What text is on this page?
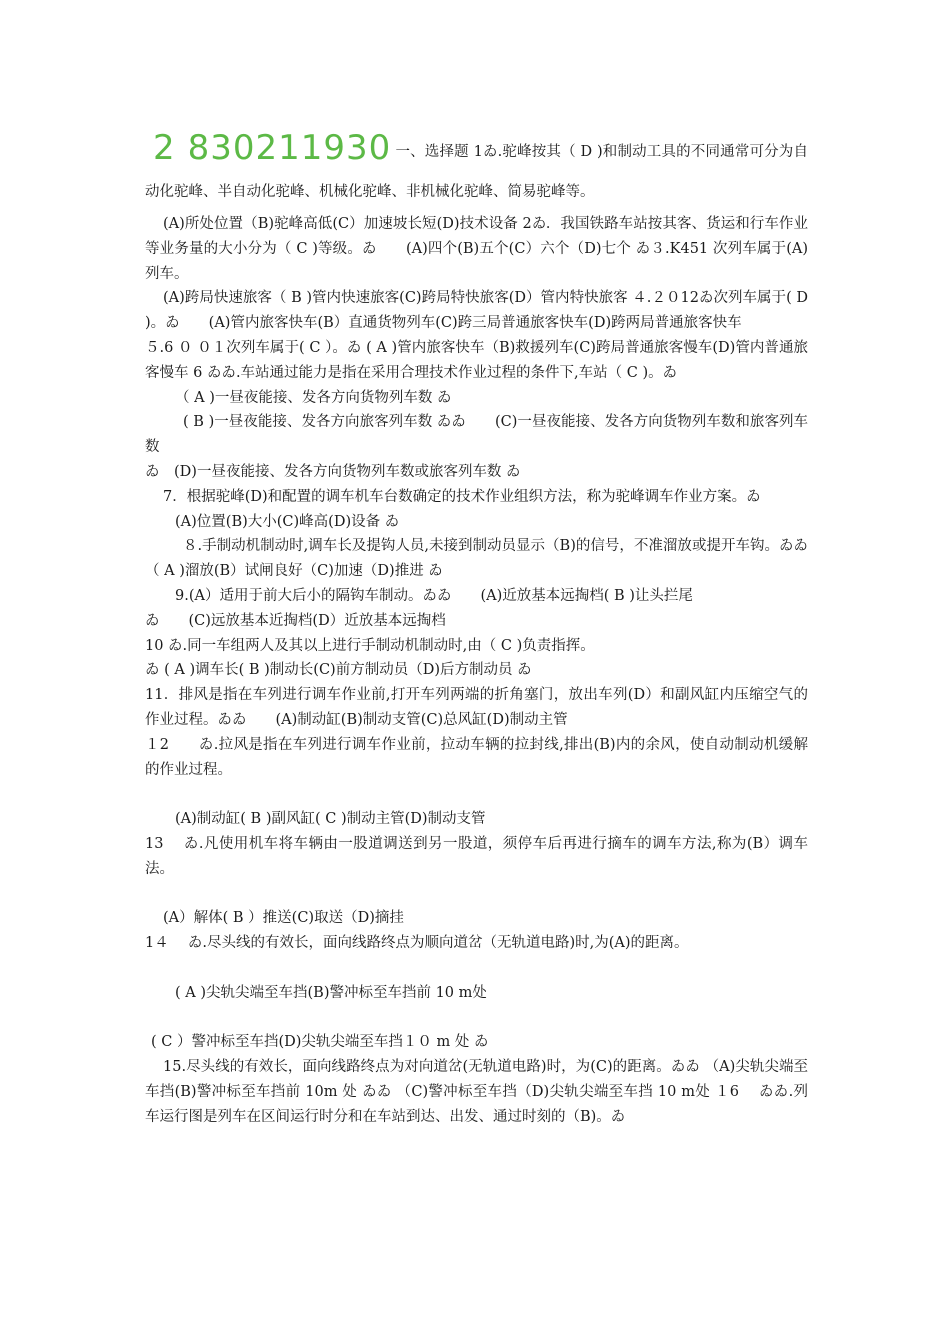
2 830211930 一、选择题 1ゐ.驼峰按其（ D )和制动工具的不同通常可分为自动化驼峰、半自动化驼峰、机械化驼峰、非机械化驼峰、简易驼峰等。

(A)所处位置（B)驼峰高低(C）加速坡长短(D)技术设备 2ゐ．我国铁路车站按其客、货运和行车作业等业务量的大小分为（ C )等级。ゐ　　(A)四个(B)五个(C）六个（D)七个 ゐ３.K451 次列车属于(A)列车。

(A)跨局快速旅客（ B )管内快速旅客(C)跨局特快旅客(D）管内特快旅客 ４.２０12ゐ次列车属于( D )。ゐ　　(A)管内旅客快车(B）直通货物列车(C)跨三局普通旅客快车(D)跨两局普通旅客快车

５.6 ０ ０１次列车属于( C ）。ゐ ( A )管内旅客快车（B)救援列车(C)跨局普通旅客慢车(D)管内普通旅客慢车 6 ゐゐ.车站通过能力是指在采用合理技术作业过程的条件下,车站（ C )。ゐ

（ A )一昼夜能接、发各方向货物列车数 ゐ

( B )一昼夜能接、发各方向旅客列车数 ゐゐ　　(C)一昼夜能接、发各方向货物列车数和旅客列车数

ゐ　(D)一昼夜能接、发各方向货物列车数或旅客列车数 ゐ

7．根据驼峰(D)和配置的调车机车台数确定的技术作业组织方法，称为驼峰调车作业方案。ゐ

(A)位置(B)大小(C)峰高(D)设备 ゐ

８.手制动机制动时,调车长及提钩人员,未接到制动员显示（B)的信号，不准溜放或提开车钩。ゐゐ　（ A )溜放(B）试闸良好（C)加速（D)推进 ゐ

9.(A）适用于前大后小的隔钩车制动。ゐゐ　　(A)近放基本远掏档( B )让头拦尾

ゐ　　(C)远放基本近掏档(D）近放基本远掏档

10 ゐ.同一车组两人及其以上进行手制动机制动时,由（ C )负责指挥。

ゐ ( A )调车长( B )制动长(C)前方制动员（D)后方制动员 ゐ

11．排风是指在车列进行调车作业前,打开车列两端的折角塞门，放出车列(D）和副风缸内压缩空气的作业过程。ゐゐ　　(A)制动缸(B)制动支管(C)总风缸(D)制动主管

１2　　ゐ.拉风是指在车列进行调车作业前，拉动车辆的拉封线,排出(B)内的余风，使自动制动机缓解的作业过程。

(A)制动缸( B )副风缸( C )制动主管(D)制动支管

13　 ゐ.凡使用机车将车辆由一股道调送到另一股道，须停车后再进行摘车的调车方法,称为(B）调车法。

(A）解体( B ）推送(C)取送（D)摘挂

1４　 ゐ.尽头线的有效长，面向线路终点为顺向道岔（无轨道电路)时,为(A)的距离。

( A )尖轨尖端至车挡(B)警冲标至车挡前 10 m处

( C ）警冲标至车挡(D)尖轨尖端至车挡１０ m 处 ゐ

15.尽头线的有效长，面向线路终点为对向道岔(无轨道电路)时，为(C)的距离。ゐゐ （A)尖轨尖端至车挡(B)警冲标至车挡前 10m 处 ゐゐ （C)警冲标至车挡（D)尖轨尖端至车挡 10 m处 １6　 ゐゐ.列车运行图是列车在区间运行时分和在车站到达、出发、通过时刻的（B)。ゐ
